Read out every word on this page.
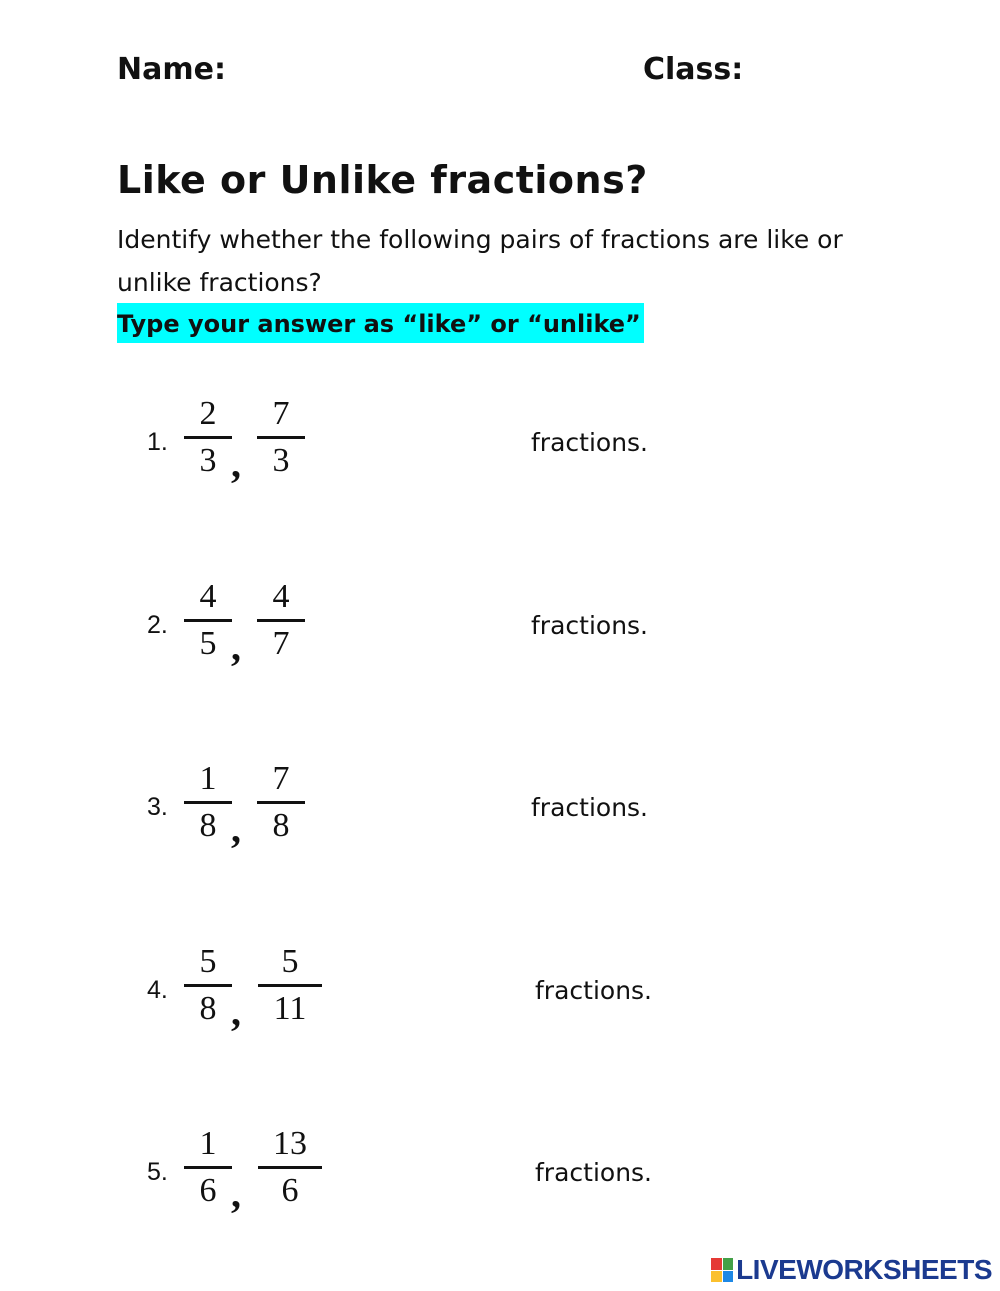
Name:	Class:
Like or Unlike fractions?
Identify whether the following pairs of fractions are like or unlike fractions?
Type your answer as “like” or “unlike”
1.
2
3 ,
7
3	fractions.
2.
4
5 ,
4
7	fractions.
3.
1
8 ,
7
8	fractions.
4.
5
8 ,
5
11	fractions.
5.
1
6 ,
13
6	fractions.
LIVEWORKSHEETS
